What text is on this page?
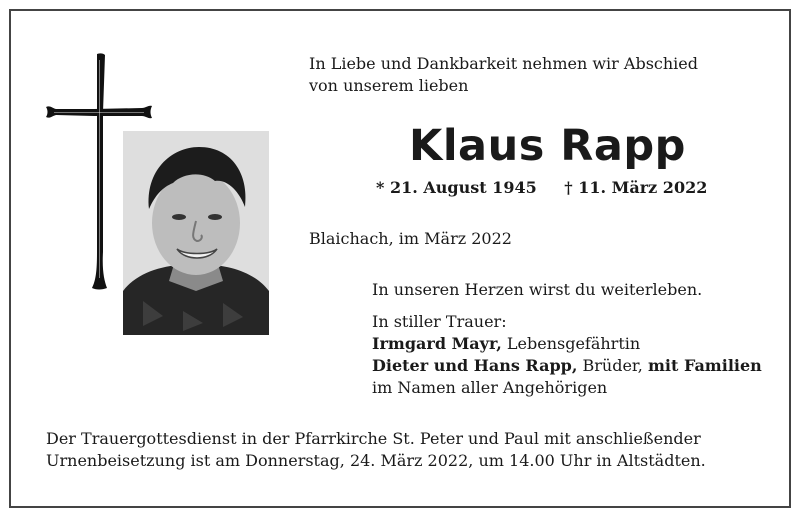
In Liebe und Dankbarkeit nehmen wir Abschied
von unserem lieben
Klaus Rapp
* 21. August 1945 † 11. März 2022
Blaichach, im März 2022
In unseren Herzen wirst du weiterleben.
In stiller Trauer:
Irmgard Mayr, Lebensgefährtin
Dieter und Hans Rapp, Brüder, mit Familien
im Namen aller Angehörigen
Der Trauergottesdienst in der Pfarrkirche St. Peter und Paul mit anschließender
Urnenbeisetzung ist am Donnerstag, 24. März 2022, um 14.00 Uhr in Altstädten.
